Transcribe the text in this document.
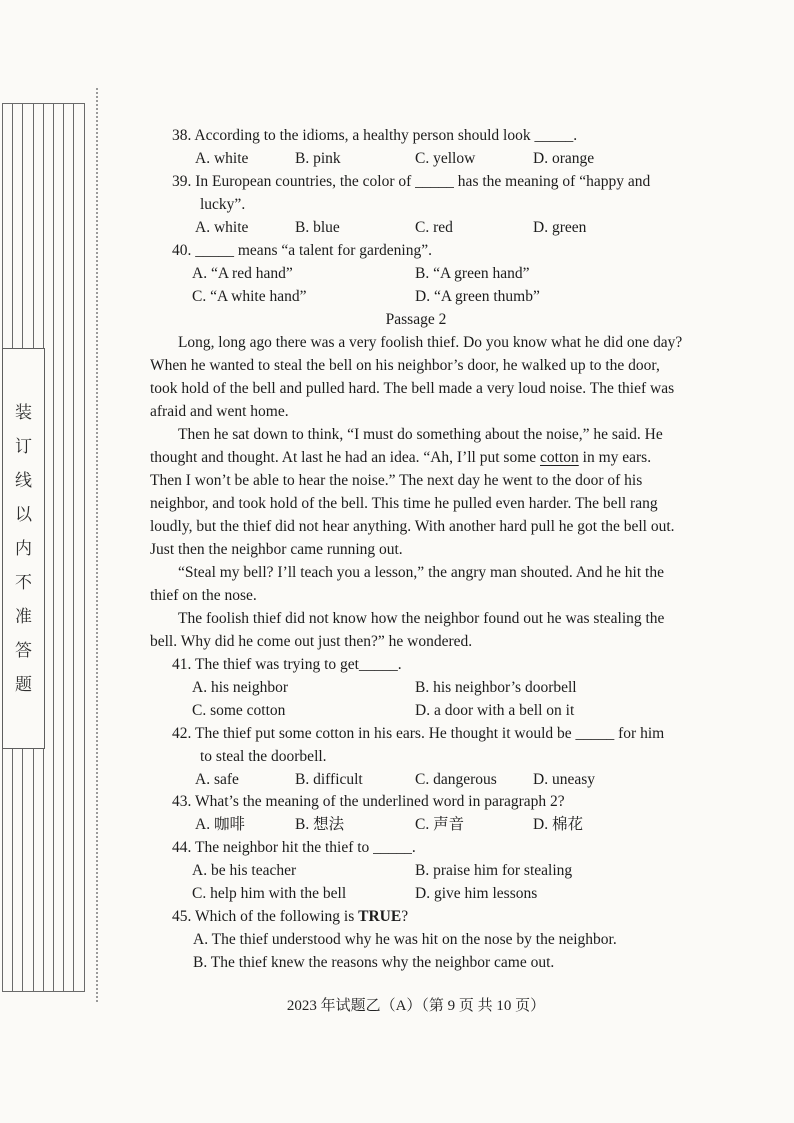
装
订
线
以
内
不
准
答
题
38. According to the idioms, a healthy person should look _____.
A. white	B. pink	C. yellow	D. orange
39. In European countries, the color of _____ has the meaning of “happy and
lucky”.
A. white	B. blue	C. red	D. green
40. _____ means “a talent for gardening”.
A. “A red hand”	B. “A green hand”
C. “A white hand”	D. “A green thumb”
Passage 2
Long, long ago there was a very foolish thief. Do you know what he did one day?
When he wanted to steal the bell on his neighbor’s door, he walked up to the door,
took hold of the bell and pulled hard. The bell made a very loud noise. The thief was
afraid and went home.
Then he sat down to think, “I must do something about the noise,” he said. He
thought and thought. At last he had an idea. “Ah, I’ll put some cotton in my ears.
Then I won’t be able to hear the noise.” The next day he went to the door of his
neighbor, and took hold of the bell. This time he pulled even harder. The bell rang
loudly, but the thief did not hear anything. With another hard pull he got the bell out.
Just then the neighbor came running out.
“Steal my bell? I’ll teach you a lesson,” the angry man shouted. And he hit the
thief on the nose.
The foolish thief did not know how the neighbor found out he was stealing the
bell. Why did he come out just then?” he wondered.
41. The thief was trying to get_____.
A. his neighbor	B. his neighbor’s doorbell
C. some cotton	D. a door with a bell on it
42. The thief put some cotton in his ears. He thought it would be _____ for him
to steal the doorbell.
A. safe	B. difficult	C. dangerous D. uneasy
43. What’s the meaning of the underlined word in paragraph 2?
A. 咖啡	B. 想法	C. 声音	D. 棉花
44. The neighbor hit the thief to _____.
A. be his teacher	B. praise him for stealing
C. help him with the bell	D. give him lessons
45. Which of the following is TRUE?
A. The thief understood why he was hit on the nose by the neighbor.
B. The thief knew the reasons why the neighbor came out.
2023 年试题乙（A）（第 9 页 共 10 页）
